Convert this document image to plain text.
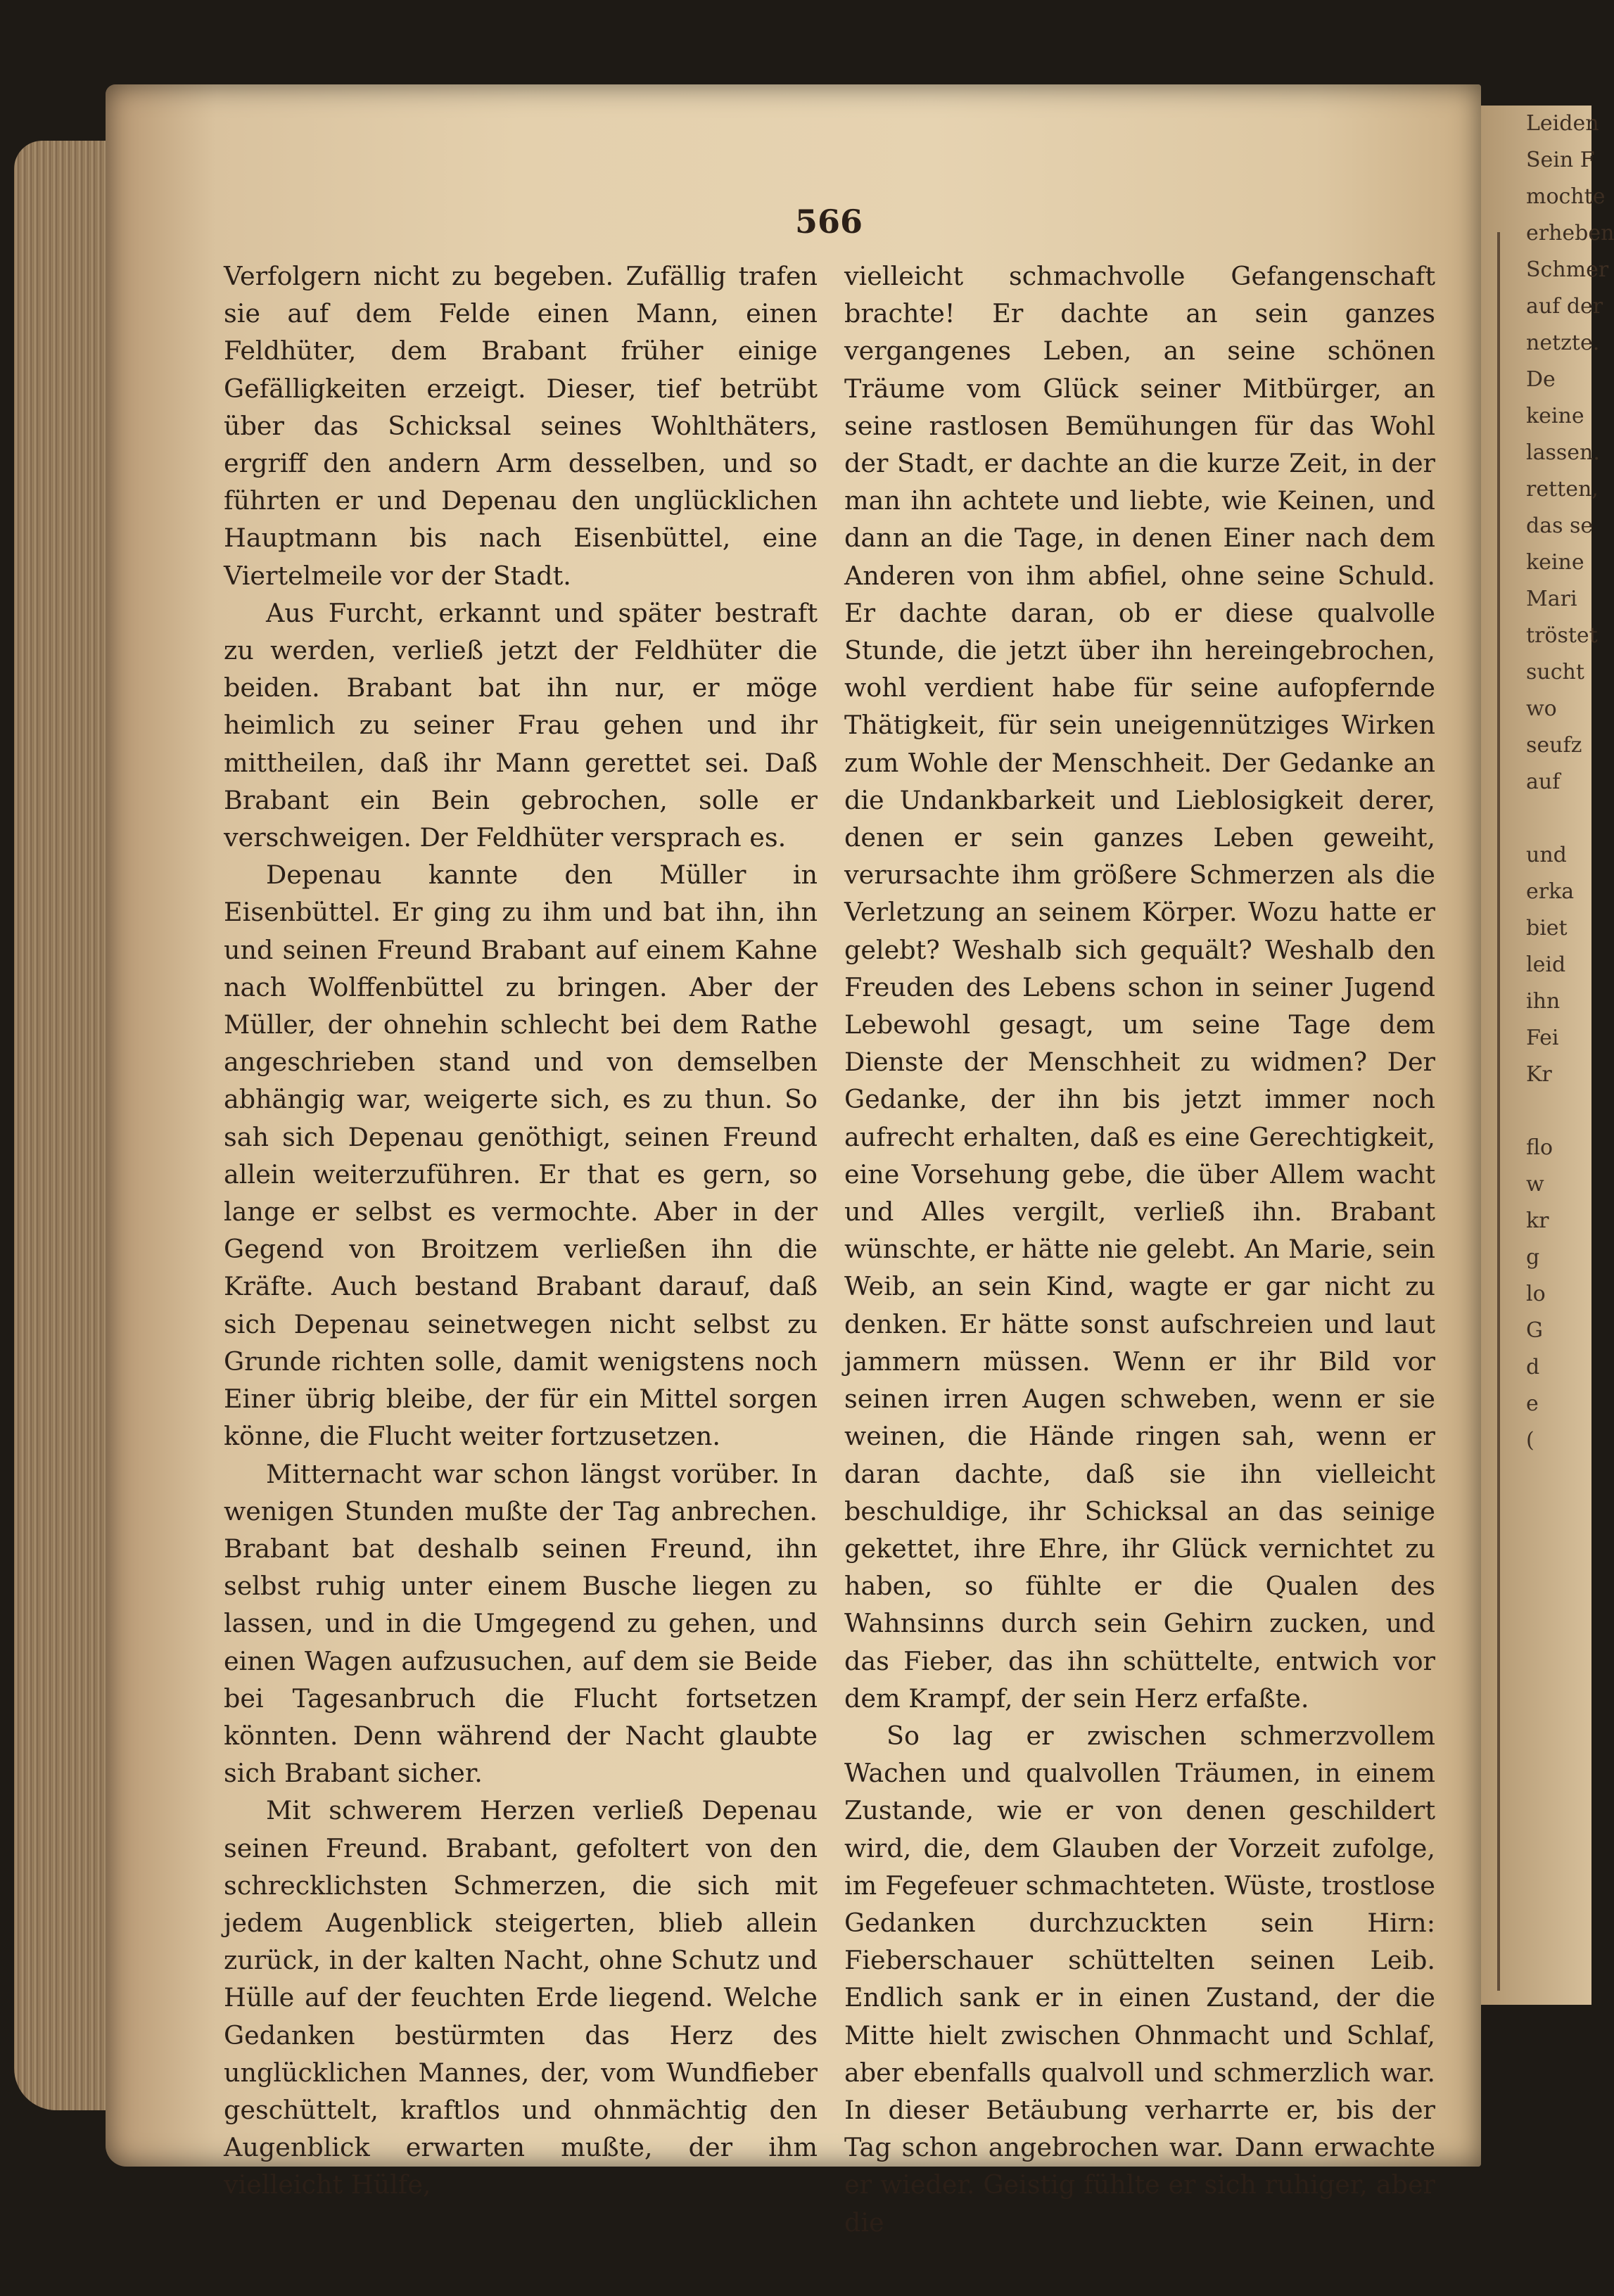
Leiden
Sein F
mochte
erheben
Schmer
auf der
netzte.
De
keine
lassen.
retten,
das se
keine
Mari
tröstet
sucht
wo
seufz
auf
und
erka
biet
leid
ihn
Fei
Kr
flo
w
kr
g
lo
G
d
e
(
566

Verfolgern nicht zu begeben. Zufällig trafen sie auf dem Felde einen Mann, einen Feldhüter, dem Brabant früher einige Gefälligkeiten erzeigt. Dieser, tief betrübt über das Schicksal seines Wohlthäters, ergriff den andern Arm desselben, und so führten er und Depenau den unglücklichen Hauptmann bis nach Eisenbüttel, eine Viertelmeile vor der Stadt.

Aus Furcht, erkannt und später bestraft zu werden, verließ jetzt der Feldhüter die beiden. Brabant bat ihn nur, er möge heimlich zu seiner Frau gehen und ihr mittheilen, daß ihr Mann gerettet sei. Daß Brabant ein Bein gebrochen, solle er verschweigen. Der Feldhüter versprach es.

Depenau kannte den Müller in Eisenbüttel. Er ging zu ihm und bat ihn, ihn und seinen Freund Brabant auf einem Kahne nach Wolffenbüttel zu bringen. Aber der Müller, der ohnehin schlecht bei dem Rathe angeschrieben stand und von demselben abhängig war, weigerte sich, es zu thun. So sah sich Depenau genöthigt, seinen Freund allein weiterzuführen. Er that es gern, so lange er selbst es vermochte. Aber in der Gegend von Broitzem verließen ihn die Kräfte. Auch bestand Brabant darauf, daß sich Depenau seinetwegen nicht selbst zu Grunde richten solle, damit wenigstens noch Einer übrig bleibe, der für ein Mittel sorgen könne, die Flucht weiter fortzusetzen.

Mitternacht war schon längst vorüber. In wenigen Stunden mußte der Tag anbrechen. Brabant bat deshalb seinen Freund, ihn selbst ruhig unter einem Busche liegen zu lassen, und in die Umgegend zu gehen, und einen Wagen aufzusuchen, auf dem sie Beide bei Tagesanbruch die Flucht fortsetzen könnten. Denn während der Nacht glaubte sich Brabant sicher.

Mit schwerem Herzen verließ Depenau seinen Freund. Brabant, gefoltert von den schrecklichsten Schmerzen, die sich mit jedem Augenblick steigerten, blieb allein zurück, in der kalten Nacht, ohne Schutz und Hülle auf der feuchten Erde liegend. Welche Gedanken bestürmten das Herz des unglücklichen Mannes, der, vom Wundfieber geschüttelt, kraftlos und ohnmächtig den Augenblick erwarten mußte, der ihm vielleicht Hülfe,

vielleicht schmachvolle Gefangenschaft brachte! Er dachte an sein ganzes vergangenes Leben, an seine schönen Träume vom Glück seiner Mitbürger, an seine rastlosen Bemühungen für das Wohl der Stadt, er dachte an die kurze Zeit, in der man ihn achtete und liebte, wie Keinen, und dann an die Tage, in denen Einer nach dem Anderen von ihm abfiel, ohne seine Schuld. Er dachte daran, ob er diese qualvolle Stunde, die jetzt über ihn hereingebrochen, wohl verdient habe für seine aufopfernde Thätigkeit, für sein uneigennütziges Wirken zum Wohle der Menschheit. Der Gedanke an die Undankbarkeit und Lieblosigkeit derer, denen er sein ganzes Leben geweiht, verursachte ihm größere Schmerzen als die Verletzung an seinem Körper. Wozu hatte er gelebt? Weshalb sich gequält? Weshalb den Freuden des Lebens schon in seiner Jugend Lebewohl gesagt, um seine Tage dem Dienste der Menschheit zu widmen? Der Gedanke, der ihn bis jetzt immer noch aufrecht erhalten, daß es eine Gerechtigkeit, eine Vorsehung gebe, die über Allem wacht und Alles vergilt, verließ ihn. Brabant wünschte, er hätte nie gelebt. An Marie, sein Weib, an sein Kind, wagte er gar nicht zu denken. Er hätte sonst aufschreien und laut jammern müssen. Wenn er ihr Bild vor seinen irren Augen schweben, wenn er sie weinen, die Hände ringen sah, wenn er daran dachte, daß sie ihn vielleicht beschuldige, ihr Schicksal an das seinige gekettet, ihre Ehre, ihr Glück vernichtet zu haben, so fühlte er die Qualen des Wahnsinns durch sein Gehirn zucken, und das Fieber, das ihn schüttelte, entwich vor dem Krampf, der sein Herz erfaßte.

So lag er zwischen schmerzvollem Wachen und qualvollen Träumen, in einem Zustande, wie er von denen geschildert wird, die, dem Glauben der Vorzeit zufolge, im Fegefeuer schmachteten. Wüste, trostlose Gedanken durchzuckten sein Hirn: Fieberschauer schüttelten seinen Leib. Endlich sank er in einen Zustand, der die Mitte hielt zwischen Ohnmacht und Schlaf, aber ebenfalls qualvoll und schmerzlich war. In dieser Betäubung verharrte er, bis der Tag schon angebrochen war. Dann erwachte er wieder. Geistig fühlte er sich ruhiger, aber die
